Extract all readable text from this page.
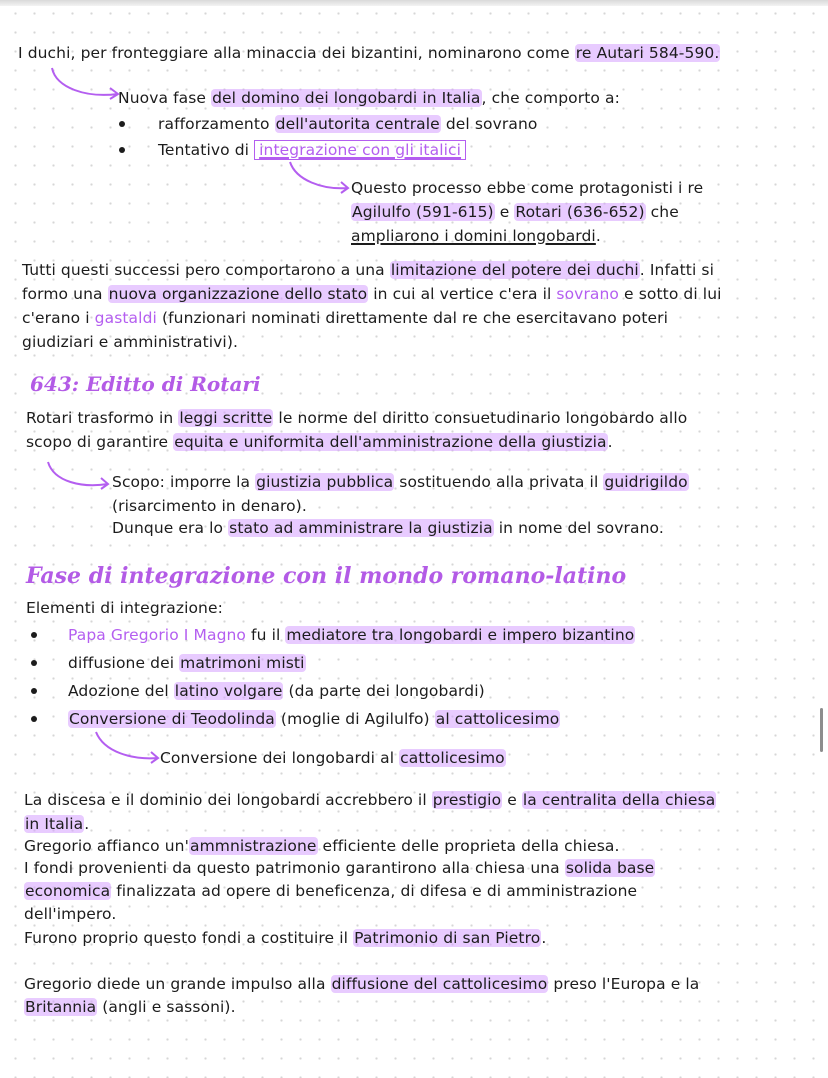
I duchi, per fronteggiare alla minaccia dei bizantini, nominarono come re Autari 584-590.
Nuova fase del domino dei longobardi in Italia, che comporto a:
rafforzamento dell'autorita centrale del sovrano
Tentativo di integrazione con gli italici
Questo processo ebbe come protagonisti i re
Agilulfo (591-615) e Rotari (636-652) che
ampliarono i domini longobardi.
Tutti questi successi pero comportarono a una limitazione del potere dei duchi. Infatti si
formo una nuova organizzazione dello stato in cui al vertice c'era il sovrano e sotto di lui
c'erano i gastaldi (funzionari nominati direttamente dal re che esercitavano poteri
giudiziari e amministrativi).
643: Editto di Rotari
Rotari trasformo in leggi scritte le norme del diritto consuetudinario longobardo allo
scopo di garantire equita e uniformita dell'amministrazione della giustizia.
Scopo: imporre la giustizia pubblica sostituendo alla privata il guidrigildo
(risarcimento in denaro).
Dunque era lo stato ad amministrare la giustizia in nome del sovrano.
Fase di integrazione con il mondo romano-latino
Elementi di integrazione:
Papa Gregorio I Magno fu il mediatore tra longobardi e impero bizantino
diffusione dei matrimoni misti
Adozione del latino volgare (da parte dei longobardi)
Conversione di Teodolinda (moglie di Agilulfo) al cattolicesimo
Conversione dei longobardi al cattolicesimo
La discesa e il dominio dei longobardi accrebbero il prestigio e la centralita della chiesa
in Italia.
Gregorio affianco un'ammnistrazione efficiente delle proprieta della chiesa.
I fondi provenienti da questo patrimonio garantirono alla chiesa una solida base
economica finalizzata ad opere di beneficenza, di difesa e di amministrazione
dell'impero.
Furono proprio questo fondi a costituire il Patrimonio di san Pietro.
Gregorio diede un grande impulso alla diffusione del cattolicesimo preso l'Europa e la
Britannia (angli e sassoni).
